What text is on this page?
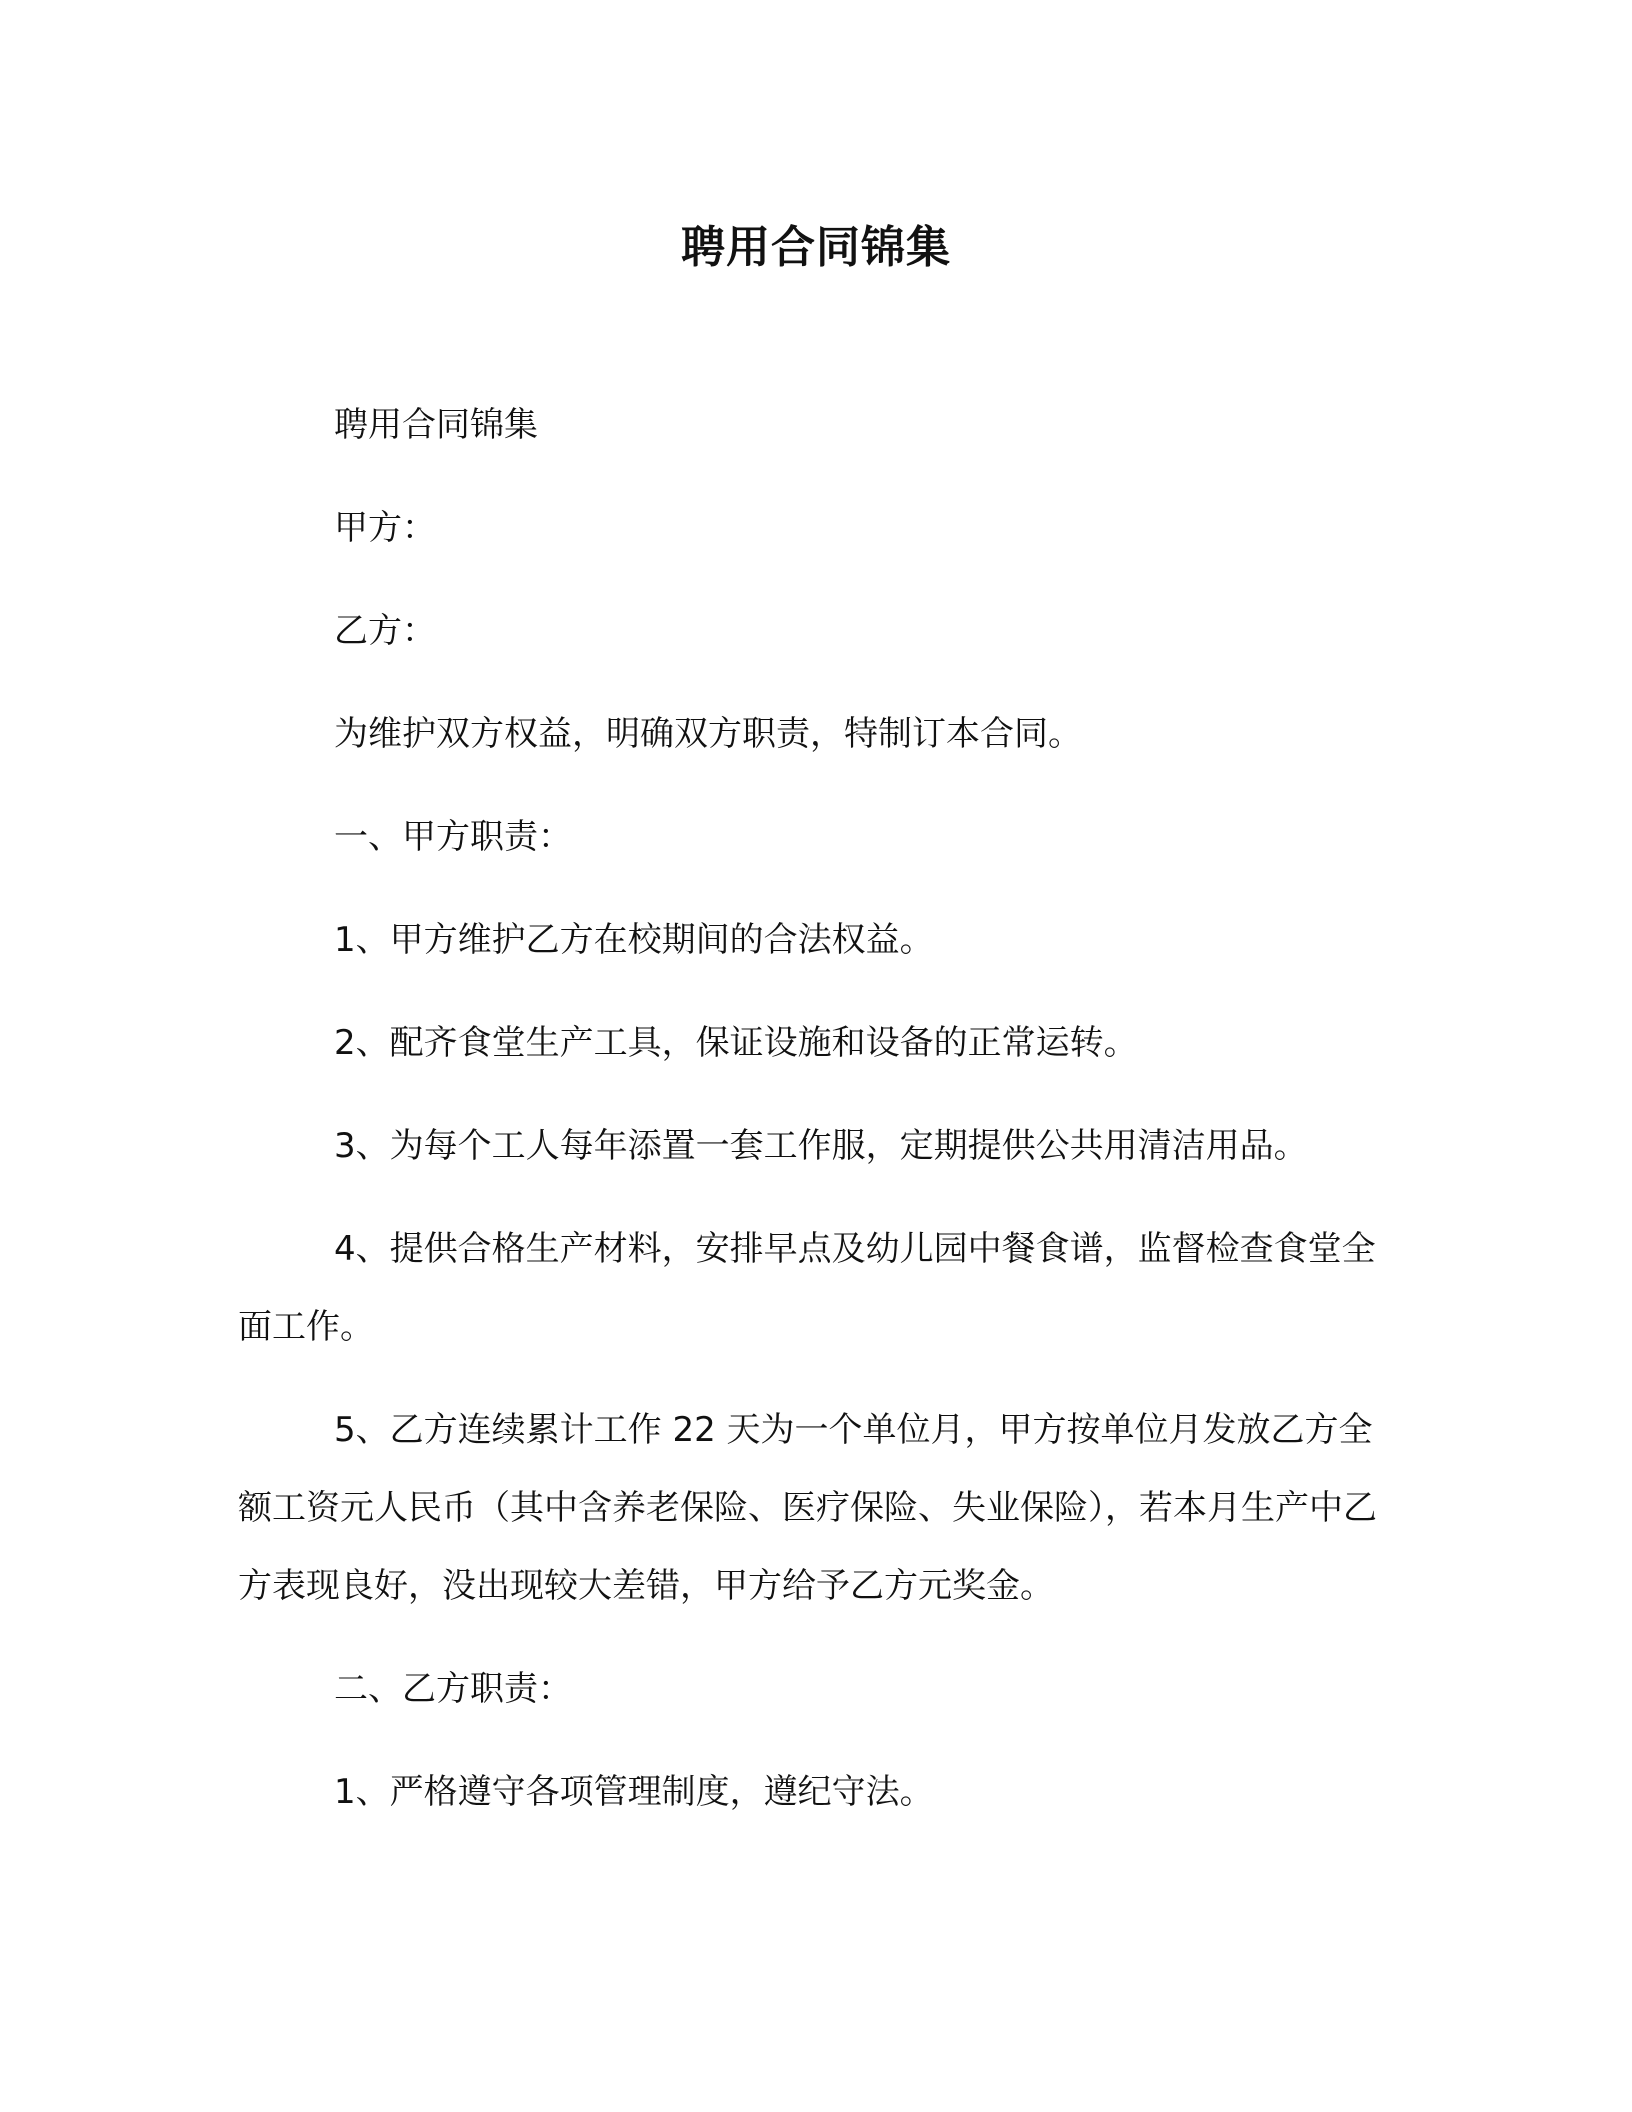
聘用合同锦集
聘用合同锦集
甲方：
乙方：
为维护双方权益，明确双方职责，特制订本合同。
一、甲方职责：
1、甲方维护乙方在校期间的合法权益。
2、配齐食堂生产工具，保证设施和设备的正常运转。
3、为每个工人每年添置一套工作服，定期提供公共用清洁用品。
4、提供合格生产材料，安排早点及幼儿园中餐食谱，监督检查食堂全面工作。
5、乙方连续累计工作 22 天为一个单位月，甲方按单位月发放乙方全额工资元人民币（其中含养老保险、医疗保险、失业保险），若本月生产中乙方表现良好，没出现较大差错，甲方给予乙方元奖金。
二、乙方职责：
1、严格遵守各项管理制度，遵纪守法。
